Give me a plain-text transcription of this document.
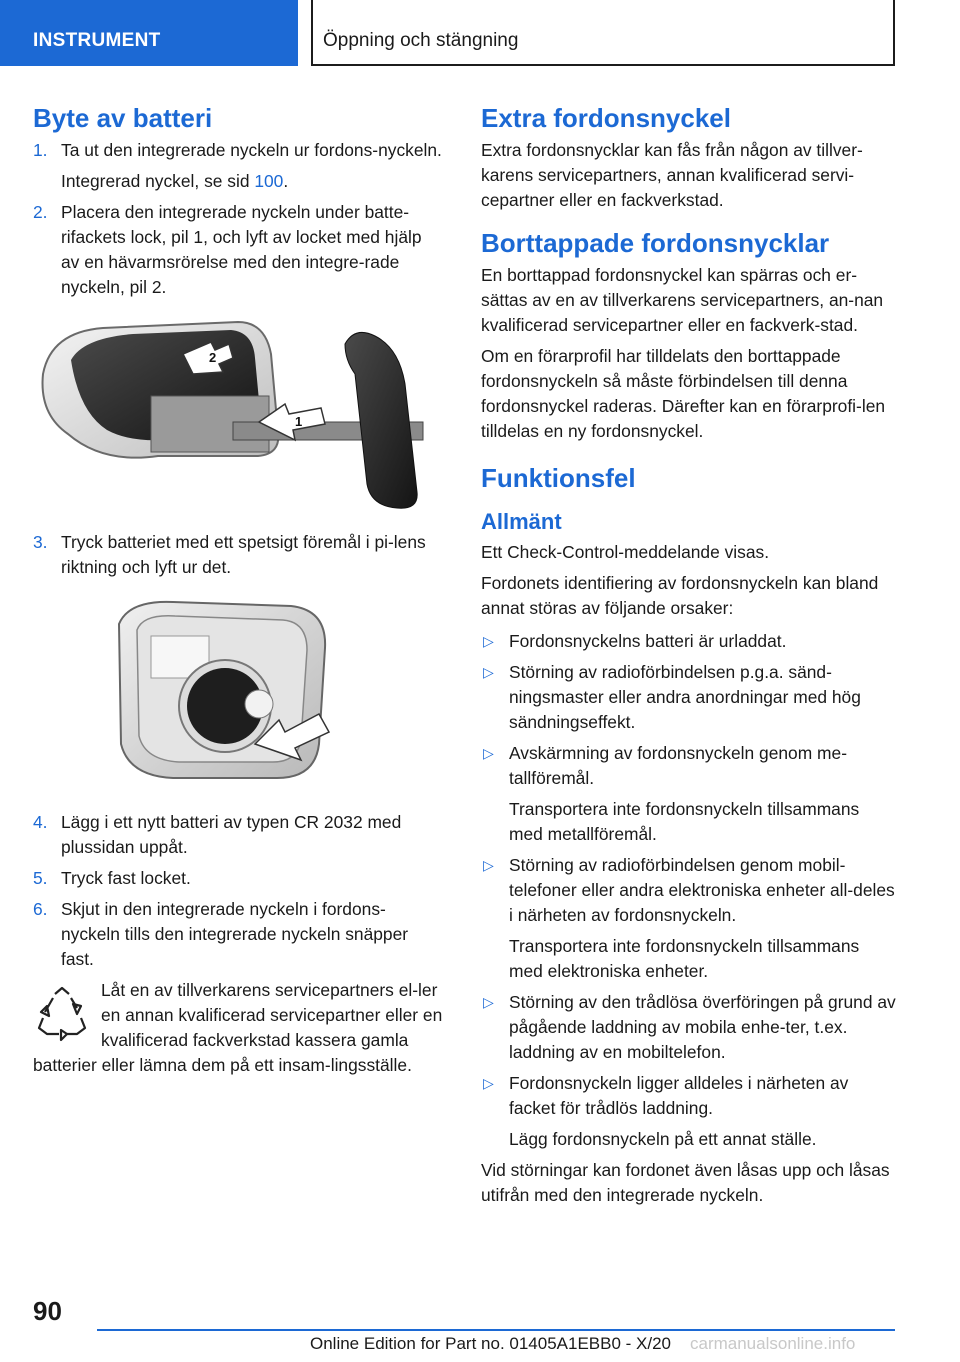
INSTRUMENT	Öppning och stängning
Byte av batteri
1. Ta ut den integrerade nyckeln ur fordons-nyckeln.

Integrerad nyckel, se sid 100.

2. Placera den integrerade nyckeln under batte-rifackets lock, pil 1, och lyft av locket med hjälp av en hävarmsrörelse med den integre-rade nyckeln, pil 2.

2
1
3. Tryck batteriet med ett spetsigt föremål i pi-lens riktning och lyft ur det.

4. Lägg i ett nytt batteri av typen CR 2032 med plussidan uppåt.

5. Tryck fast locket.

6. Skjut in den integrerade nyckeln i fordons-nyckeln tills den integrerade nyckeln snäpper fast.

Låt en av tillverkarens servicepartners el-ler en annan kvalificerad servicepartner eller en kvalificerad fackverkstad kassera gamla batterier eller lämna dem på ett insam-lingsställe.

Extra fordonsnyckel

Extra fordonsnycklar kan fås från någon av tillver-karens servicepartners, annan kvalificerad servi-cepartner eller en fackverkstad.

Borttappade fordonsnycklar

En borttappad fordonsnyckel kan spärras och er-sättas av en av tillverkarens servicepartners, an-nan kvalificerad servicepartner eller en fackverk-stad.

Om en förarprofil har tilldelats den borttappade fordonsnyckeln så måste förbindelsen till denna fordonsnyckel raderas. Därefter kan en förarprofi-len tilldelas en ny fordonsnyckel.

Funktionsfel
Allmänt

Ett Check-Control-meddelande visas.

Fordonets identifiering av fordonsnyckeln kan bland annat störas av följande orsaker:

▷ Fordonsnyckelns batteri är urladdat.

▷ Störning av radioförbindelsen p.g.a. sänd-ningsmaster eller andra anordningar med hög sändningseffekt.

▷ Avskärmning av fordonsnyckeln genom me-tallföremål.

Transportera inte fordonsnyckeln tillsammans med metallföremål.

▷ Störning av radioförbindelsen genom mobil-telefoner eller andra elektroniska enheter all-deles i närheten av fordonsnyckeln.

Transportera inte fordonsnyckeln tillsammans med elektroniska enheter.

▷ Störning av den trådlösa överföringen på grund av pågående laddning av mobila enhe-ter, t.ex. laddning av en mobiltelefon.

▷ Fordonsnyckeln ligger alldeles i närheten av facket för trådlös laddning.

Lägg fordonsnyckeln på ett annat ställe.

Vid störningar kan fordonet även låsas upp och låsas utifrån med den integrerade nyckeln.

90
Online Edition for Part no. 01405A1EBB0 - X/20 carmanualsonline.info
